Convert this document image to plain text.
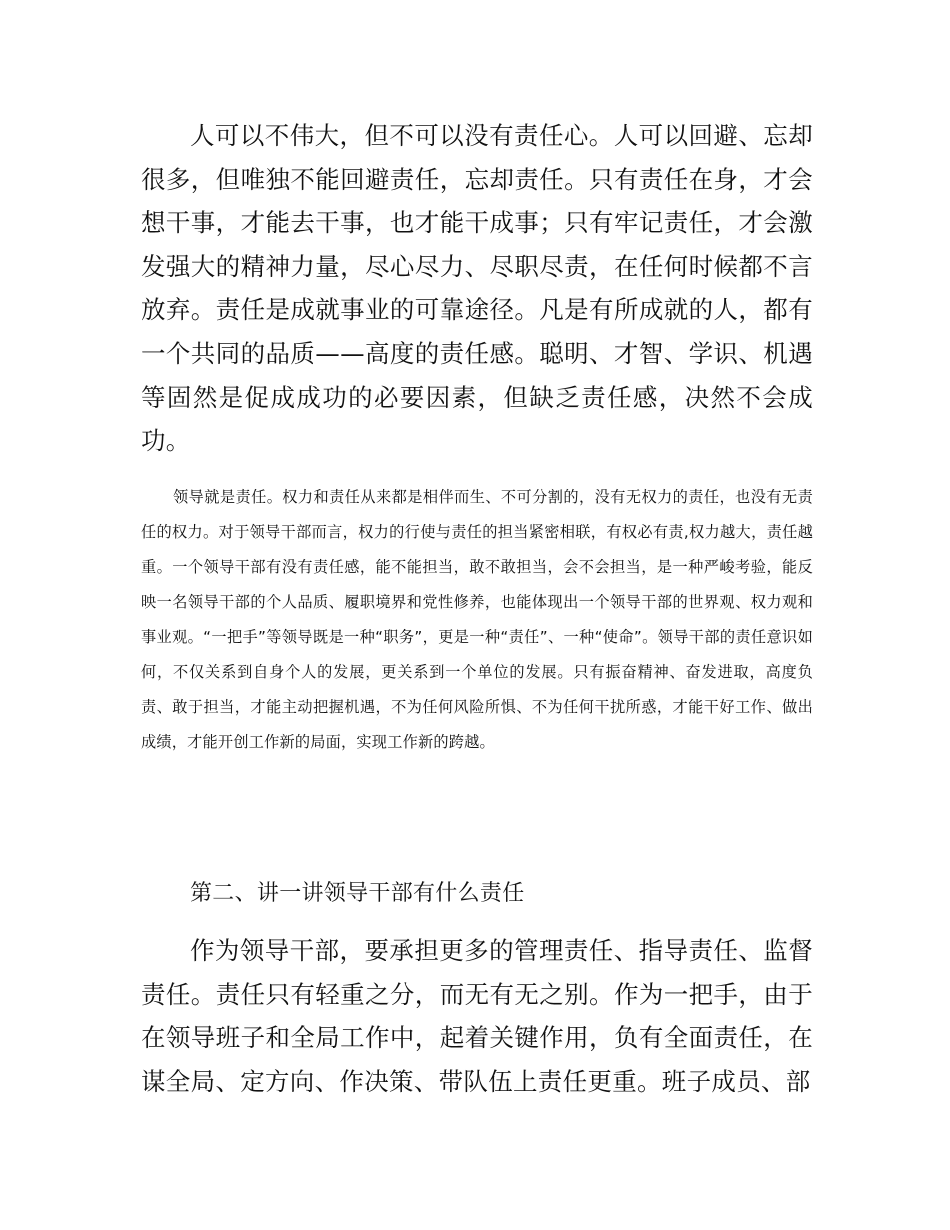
人可以不伟大，但不可以没有责任心。人可以回避、忘却很多，但唯独不能回避责任，忘却责任。只有责任在身，才会想干事，才能去干事，也才能干成事；只有牢记责任，才会激发强大的精神力量，尽心尽力、尽职尽责，在任何时候都不言放弃。责任是成就事业的可靠途径。凡是有所成就的人，都有一个共同的品质——高度的责任感。聪明、才智、学识、机遇等固然是促成成功的必要因素，但缺乏责任感，决然不会成功。

领导就是责任。权力和责任从来都是相伴而生、不可分割的，没有无权力的责任，也没有无责任的权力。对于领导干部而言，权力的行使与责任的担当紧密相联，有权必有责,权力越大，责任越重。一个领导干部有没有责任感，能不能担当，敢不敢担当，会不会担当，是一种严峻考验，能反映一名领导干部的个人品质、履职境界和党性修养，也能体现出一个领导干部的世界观、权力观和事业观。“一把手”等领导既是一种“职务”，更是一种“责任”、一种“使命”。领导干部的责任意识如何，不仅关系到自身个人的发展，更关系到一个单位的发展。只有振奋精神、奋发进取，高度负责、敢于担当，才能主动把握机遇，不为任何风险所惧、不为任何干扰所惑，才能干好工作、做出成绩，才能开创工作新的局面，实现工作新的跨越。

第二、讲一讲领导干部有什么责任

作为领导干部，要承担更多的管理责任、指导责任、监督责任。责任只有轻重之分，而无有无之别。作为一把手，由于在领导班子和全局工作中，起着关键作用，负有全面责任，在谋全局、定方向、作决策、带队伍上责任更重。班子成员、部
